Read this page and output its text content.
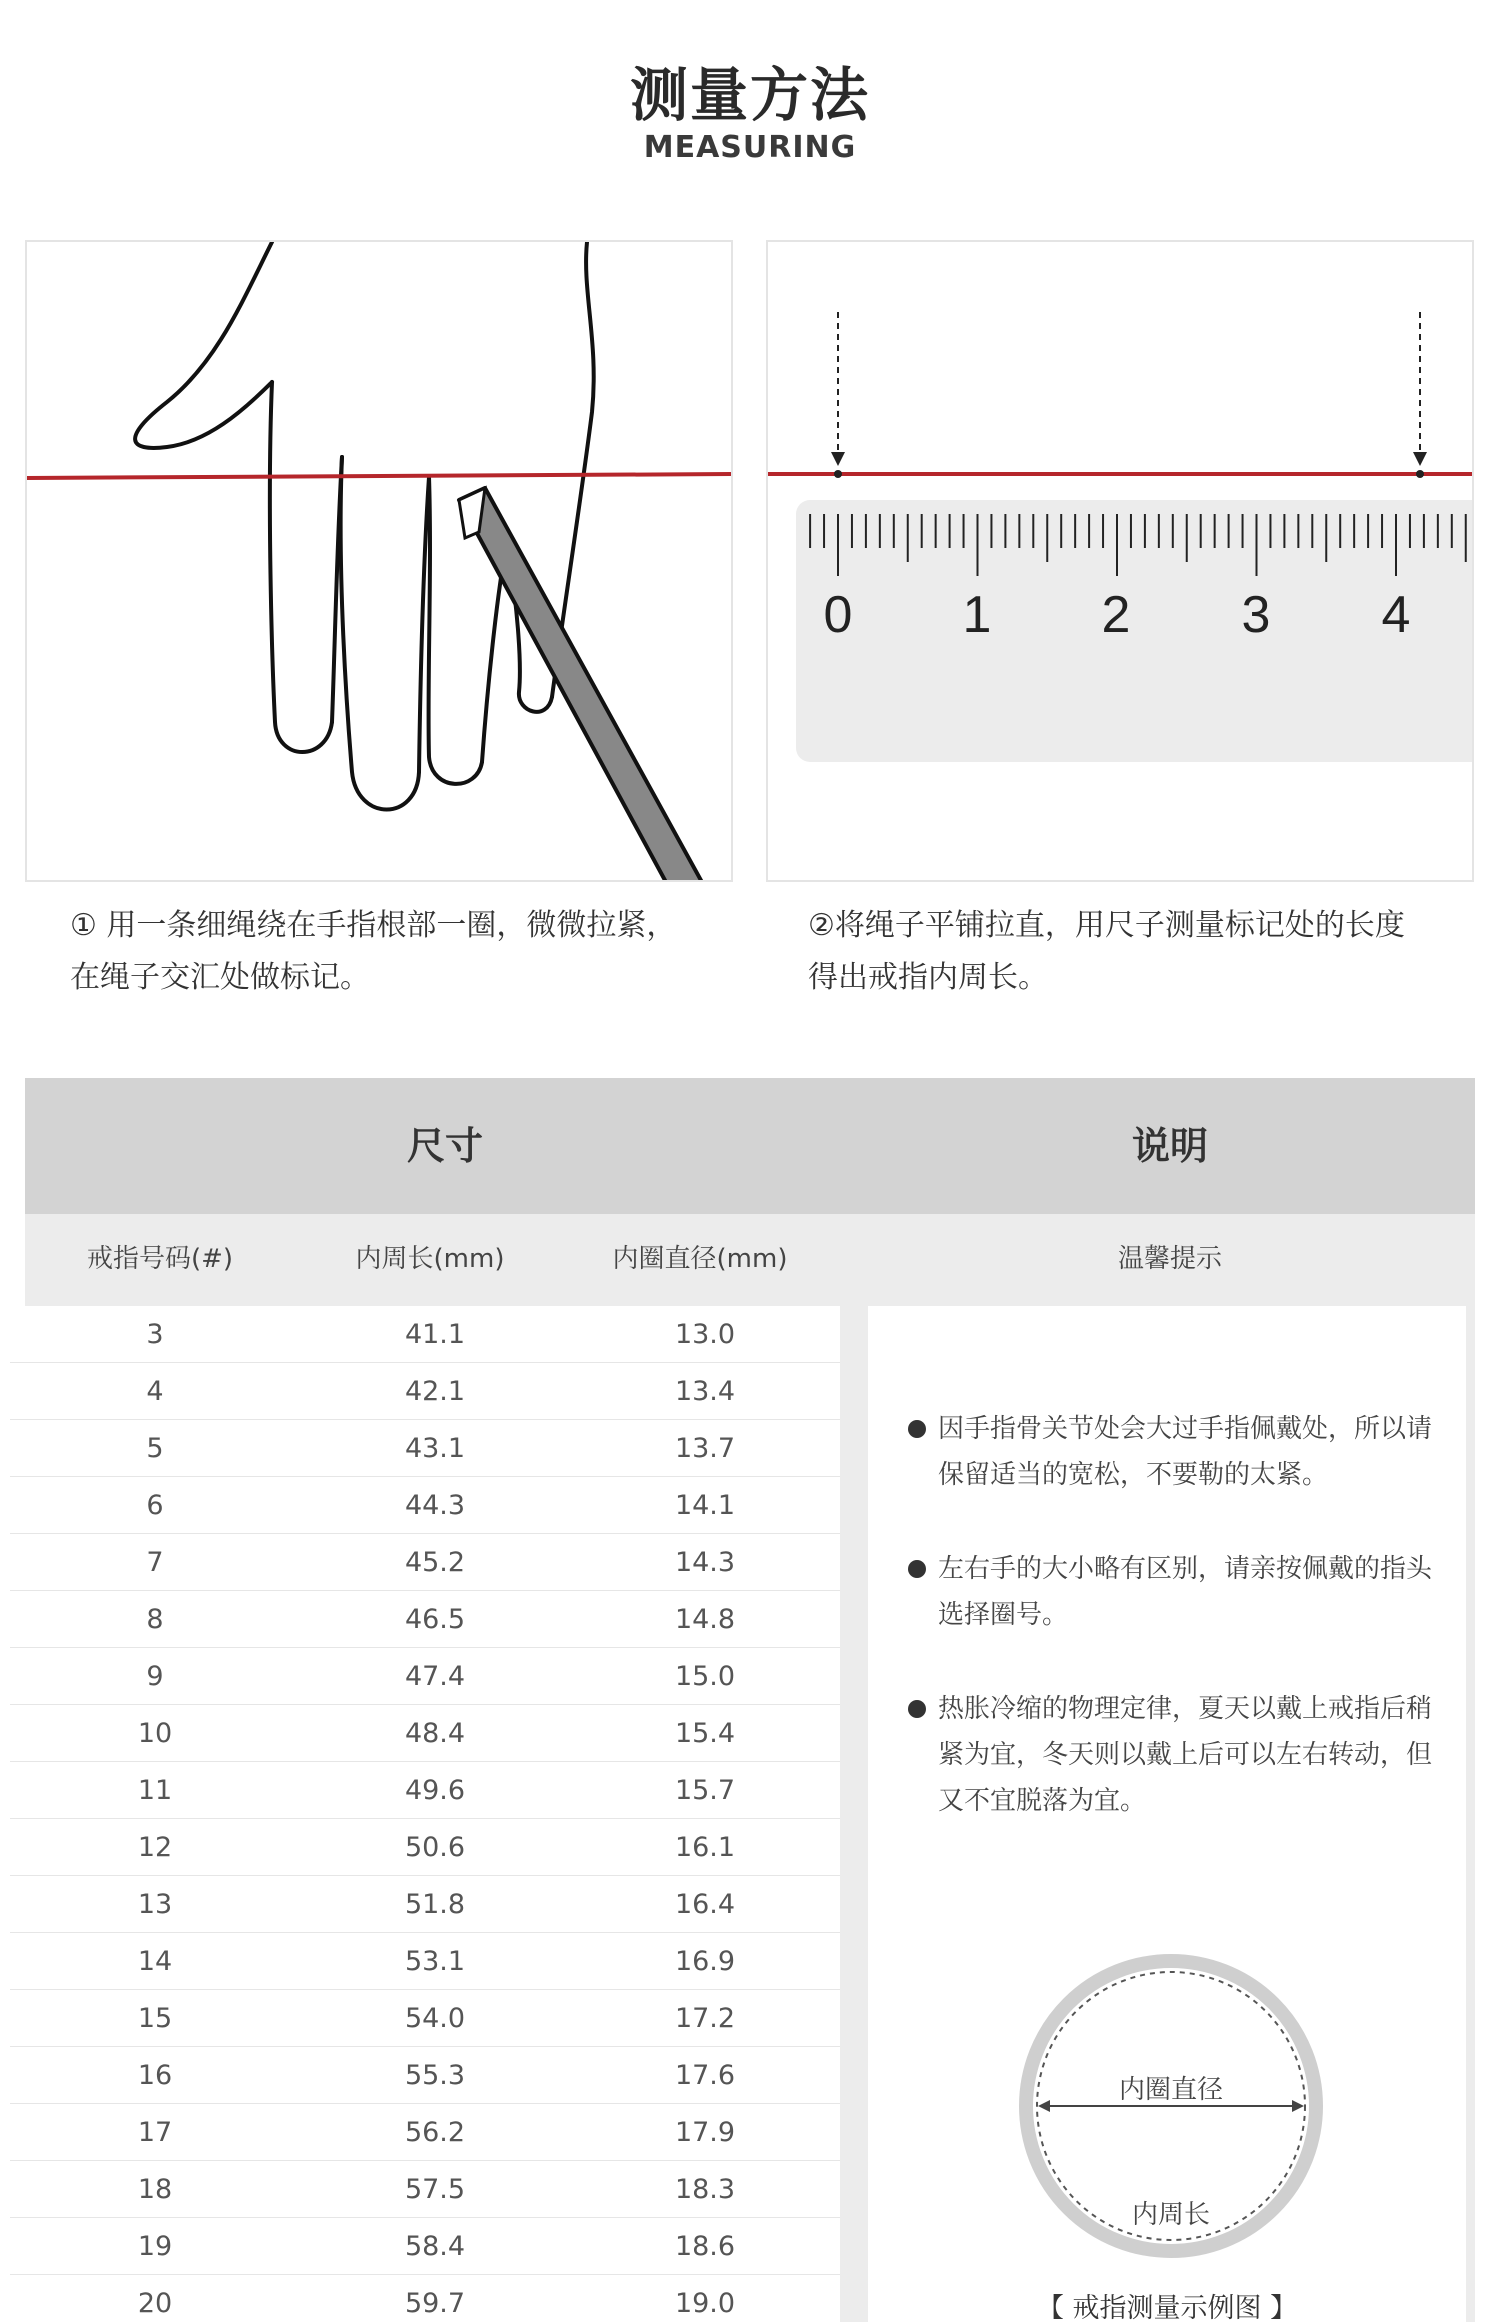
测量方法
MEASURING
0 1 2 3 4
① 用一条细绳绕在手指根部一圈，微微拉紧，
在绳子交汇处做标记。
②将绳子平铺拉直，用尺子测量标记处的长度
得出戒指内周长。
尺寸	说明
戒指号码(#)	内周长(mm)	内圈直径(mm)	温馨提示
3	41.1	13.0
4	42.1	13.4
5	43.1	13.7
6	44.3	14.1
7	45.2	14.3
8	46.5	14.8
9	47.4	15.0
10	48.4	15.4
11	49.6	15.7
12	50.6	16.1
13	51.8	16.4
14	53.1	16.9
15	54.0	17.2
16	55.3	17.6
17	56.2	17.9
18	57.5	18.3
19	58.4	18.6
20	59.7	19.0
因手指骨关节处会大过手指佩戴处，所以请保留适当的宽松，不要勒的太紧。
左右手的大小略有区别，请亲按佩戴的指头选择圈号。
热胀冷缩的物理定律，夏天以戴上戒指后稍紧为宜，冬天则以戴上后可以左右转动，但又不宜脱落为宜。
内圈直径
内周长
【 戒指测量示例图 】
